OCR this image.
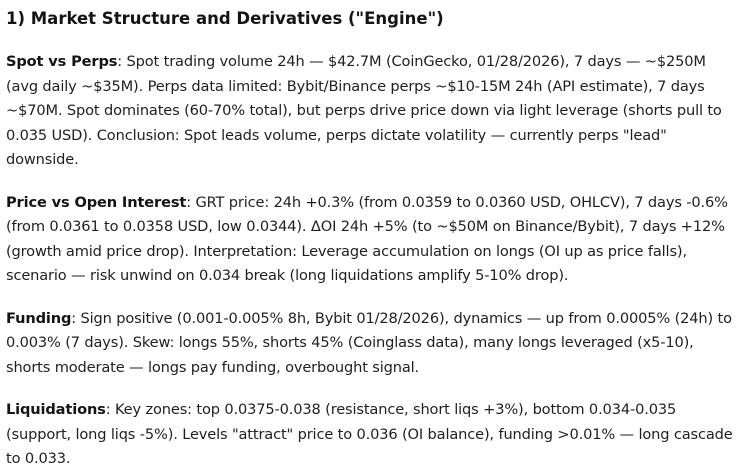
1) Market Structure and Derivatives ("Engine")

Spot vs Perps: Spot trading volume 24h — $42.7M (CoinGecko, 01/28/2026), 7 days — ~$250M (avg daily ~$35M). Perps data limited: Bybit/Binance perps ~$10-15M 24h (API estimate), 7 days ~$70M. Spot dominates (60-70% total), but perps drive price down via light leverage (shorts pull to 0.035 USD). Conclusion: Spot leads volume, perps dictate volatility — currently perps "lead" downside.

Price vs Open Interest: GRT price: 24h +0.3% (from 0.0359 to 0.0360 USD, OHLCV), 7 days -0.6% (from 0.0361 to 0.0358 USD, low 0.0344). ΔOI 24h +5% (to ~$50M on Binance/Bybit), 7 days +12% (growth amid price drop). Interpretation: Leverage accumulation on longs (OI up as price falls), scenario — risk unwind on 0.034 break (long liquidations amplify 5-10% drop).

Funding: Sign positive (0.001-0.005% 8h, Bybit 01/28/2026), dynamics — up from 0.0005% (24h) to 0.003% (7 days). Skew: longs 55%, shorts 45% (Coinglass data), many longs leveraged (x5-10), shorts moderate — longs pay funding, overbought signal.

Liquidations: Key zones: top 0.0375-0.038 (resistance, short liqs +3%), bottom 0.034-0.035 (support, long liqs -5%). Levels "attract" price to 0.036 (OI balance), funding >0.01% — long cascade to 0.033.
